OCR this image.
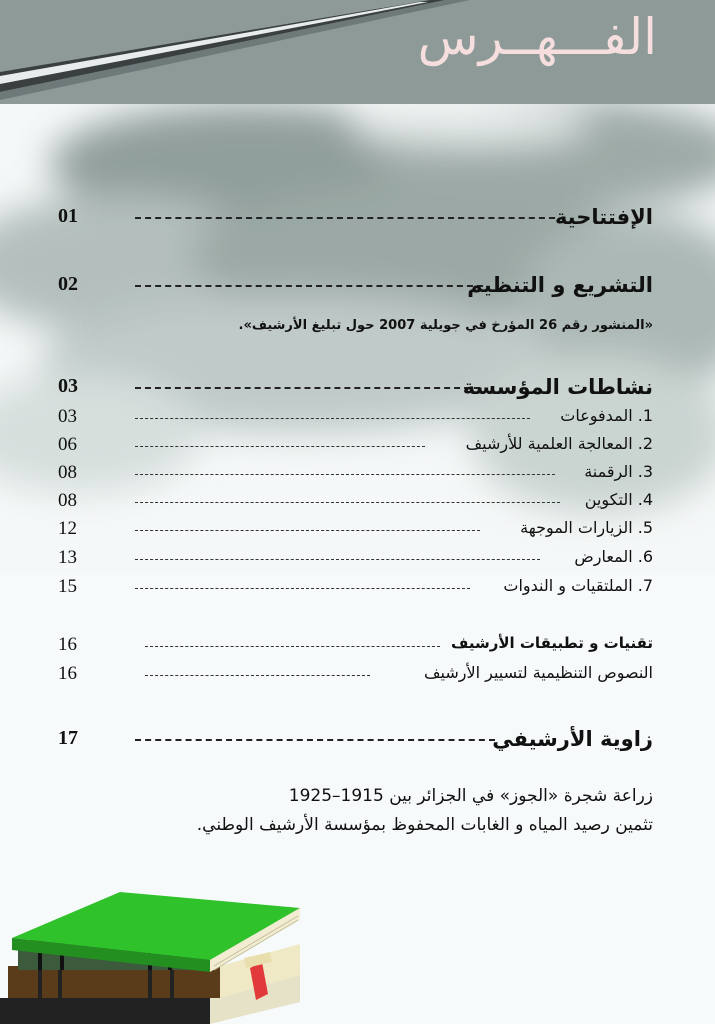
الفـــهــرس
01	الإفتتاحية
02	التشريع و التنظيم
«المنشور رقم 26 المؤرخ في جويلية 2007 حول تبليغ الأرشيف».
03	نشاطات المؤسسة
03	1. المدفوعات
06	2. المعالجة العلمية للأرشيف
08	3. الرقمنة
08	4. التكوين
12	5. الزيارات الموجهة
13	6. المعارض
15	7. الملتقيات و الندوات
16	تقنيات و تطبيقات الأرشيف
16	النصوص التنظيمية لتسيير الأرشيف
17	زاوية الأرشيفي
زراعة شجرة «الجوز» في الجزائر بين 1915–1925
تثمين رصيد المياه و الغابات المحفوظ بمؤسسة الأرشيف الوطني.
